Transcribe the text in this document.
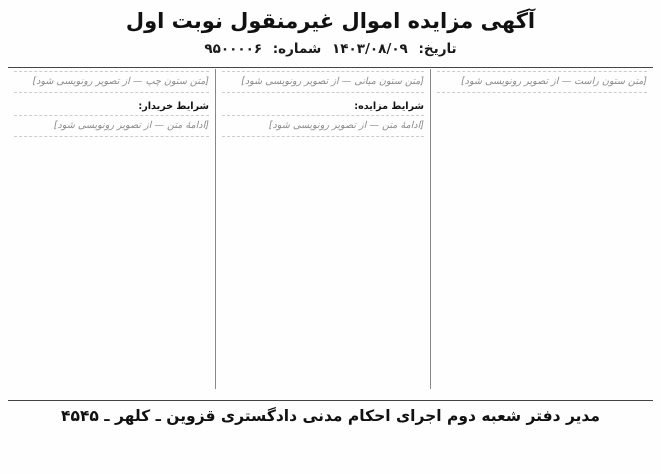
آگهی مزایده اموال غیرمنقول نوبت اول
تاریخ: ۱۴۰۳/۰۸/۰۹ شماره: ۹۵۰۰۰۰۶

[متن ستون راست — از تصویر رونویسی شود]

[متن ستون میانی — از تصویر رونویسی شود]

شرایط مزایده:

[ادامهٔ متن — از تصویر رونویسی شود]

[متن ستون چپ — از تصویر رونویسی شود]

شرایط خریدار:

[ادامهٔ متن — از تصویر رونویسی شود]

مدیر دفتر شعبه دوم اجرای احکام مدنی دادگستری قزوین ـ کلهر ـ ۴۵۴۵
